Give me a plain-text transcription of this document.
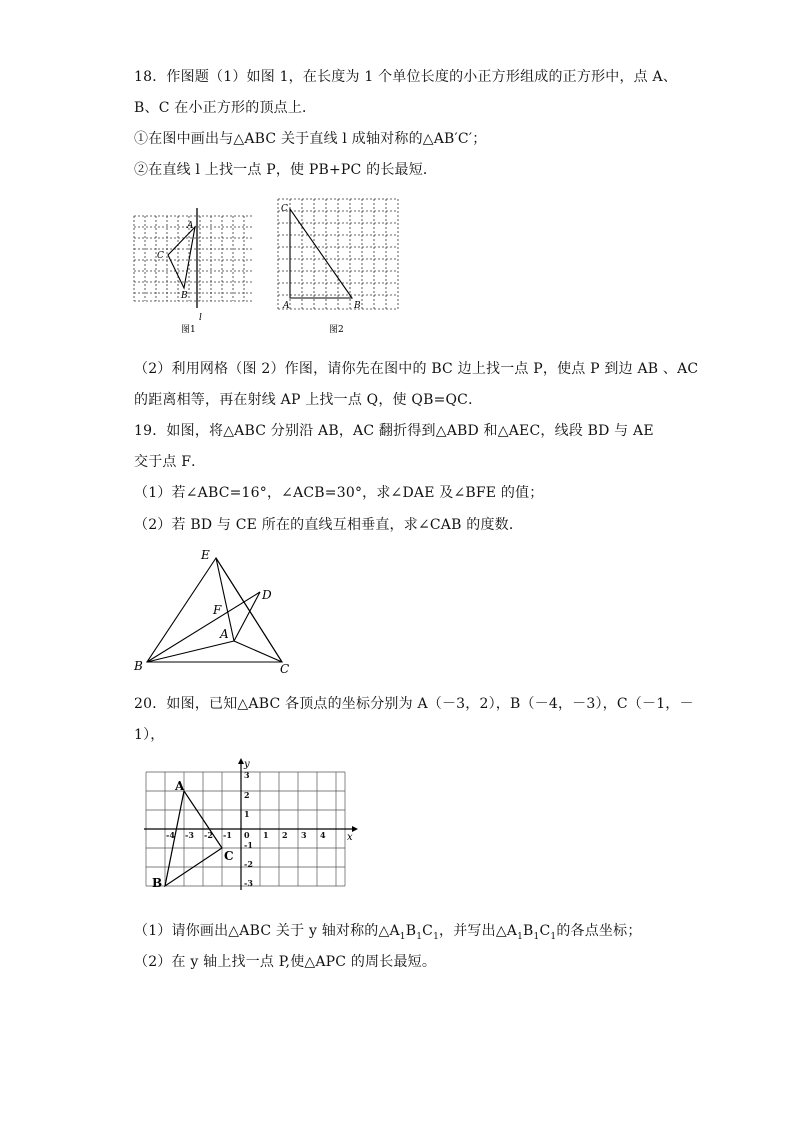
18．作图题（1）如图 1，在长度为 1 个单位长度的小正方形组成的正方形中，点 A、
B、C 在小正方形的顶点上．
①在图中画出与△ABC 关于直线 l 成轴对称的△AB′C′；
②在直线 l 上找一点 P，使 PB+PC 的长最短．
A
C
B
l
图1
C
A	B
图2
（2）利用网格（图 2）作图，请你先在图中的 BC 边上找一点 P，使点 P 到边 AB 、AC
的距离相等，再在射线 AP 上找一点 Q，使 QB=QC．
19．如图，将△ABC 分别沿 AB，AC 翻折得到△ABD 和△AEC，线段 BD 与 AE
交于点 F．
（1）若∠ABC=16°，∠ACB=30°，求∠DAE 及∠BFE 的值；
（2）若 BD 与 CE 所在的直线互相垂直，求∠CAB 的度数．
E
D
F
A
B	C
20．如图，已知△ABC 各顶点的坐标分别为 A（－3，2），B（－4，－3），C（－1，－
1），
x
y
-4 -3 -2 -1 0 1 2 3 4
3
2
1
-1
-2
-3
A
B
C
（1）请你画出△ABC 关于 y 轴对称的$\triangle A_1B_1C_1$，并写出$\triangle A_1B_1C_1$的各点坐标；
（2）在 y 轴上找一点 P,使△APC 的周长最短。
